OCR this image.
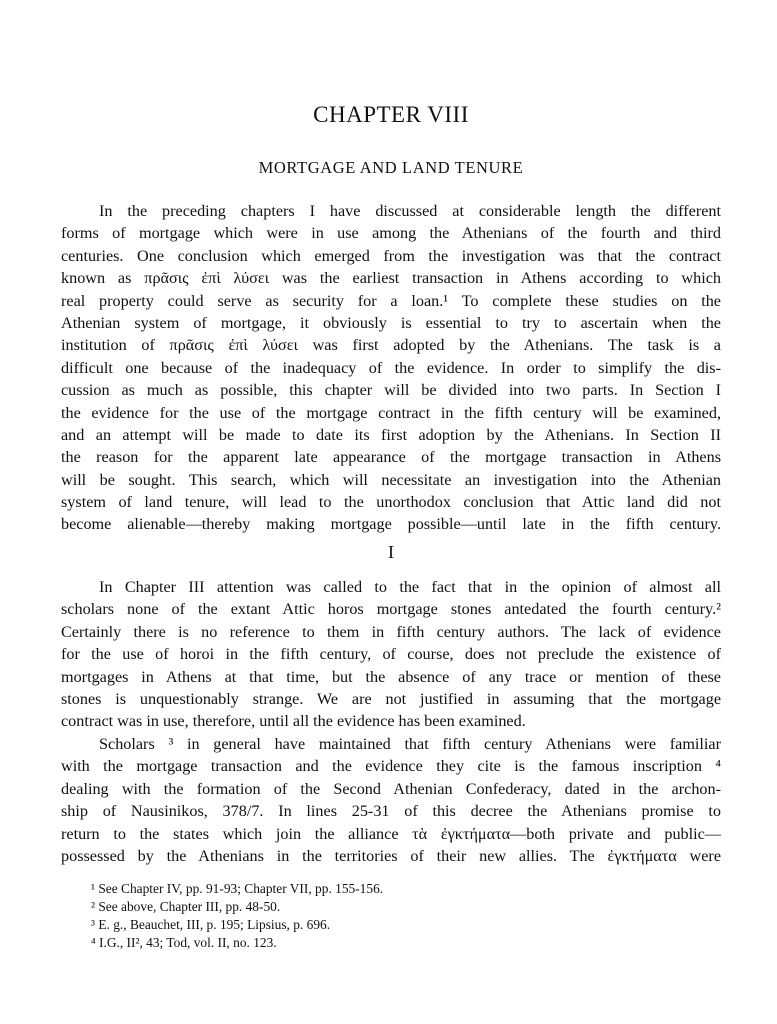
CHAPTER VIII
MORTGAGE AND LAND TENURE
In the preceding chapters I have discussed at considerable length the different
forms of mortgage which were in use among the Athenians of the fourth and third
centuries. One conclusion which emerged from the investigation was that the contract
known as πρᾶσις ἐπὶ λύσει was the earliest transaction in Athens according to which
real property could serve as security for a loan.¹ To complete these studies on the
Athenian system of mortgage, it obviously is essential to try to ascertain when the
institution of πρᾶσις ἐπὶ λύσει was first adopted by the Athenians. The task is a
difficult one because of the inadequacy of the evidence. In order to simplify the dis-
cussion as much as possible, this chapter will be divided into two parts. In Section I
the evidence for the use of the mortgage contract in the fifth century will be examined,
and an attempt will be made to date its first adoption by the Athenians. In Section II
the reason for the apparent late appearance of the mortgage transaction in Athens
will be sought. This search, which will necessitate an investigation into the Athenian
system of land tenure, will lead to the unorthodox conclusion that Attic land did not
become alienable—thereby making mortgage possible—until late in the fifth century.
I
In Chapter III attention was called to the fact that in the opinion of almost all
scholars none of the extant Attic horos mortgage stones antedated the fourth century.²
Certainly there is no reference to them in fifth century authors. The lack of evidence
for the use of horoi in the fifth century, of course, does not preclude the existence of
mortgages in Athens at that time, but the absence of any trace or mention of these
stones is unquestionably strange. We are not justified in assuming that the mortgage
contract was in use, therefore, until all the evidence has been examined.
Scholars ³ in general have maintained that fifth century Athenians were familiar
with the mortgage transaction and the evidence they cite is the famous inscription ⁴
dealing with the formation of the Second Athenian Confederacy, dated in the archon-
ship of Nausinikos, 378/7. In lines 25-31 of this decree the Athenians promise to
return to the states which join the alliance τὰ ἐγκτήματα—both private and public—
possessed by the Athenians in the territories of their new allies. The ἐγκτήματα were
¹ See Chapter IV, pp. 91-93; Chapter VII, pp. 155-156.
² See above, Chapter III, pp. 48-50.
³ E. g., Beauchet, III, p. 195; Lipsius, p. 696.
⁴ I.G., II², 43; Tod, vol. II, no. 123.
